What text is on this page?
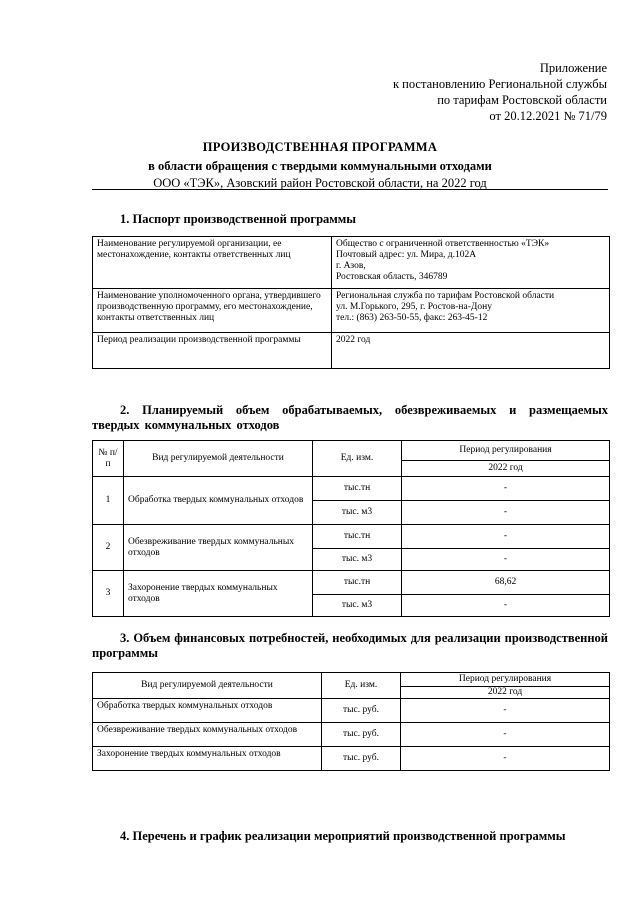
Приложение
к постановлению Региональной службы
по тарифам Ростовской области
от 20.12.2021 № 71/79
ПРОИЗВОДСТВЕННАЯ ПРОГРАММА
в области обращения с твердыми коммунальными отходами
ООО «ТЭК», Азовский район Ростовской области, на 2022 год
1. Паспорт производственной программы
Наименование регулируемой организации, ее местонахождение, контакты ответственных лиц	Общество с ограниченной ответственностью «ТЭК»
Почтовый адрес: ул. Мира, д.102А
г. Азов,
Ростовская область, 346789

Наименование уполномоченного органа, утвердившего производственную программу, его местонахождение, контакты ответственных лиц	Региональная служба по тарифам Ростовской области
ул. М.Горького, 295, г. Ростов-на-Дону
тел.: (863) 263-50-55, факс: 263-45-12

Период реализации производственной программы	2022 год
2. Планируемый объем обрабатываемых, обезвреживаемых и размещаемых твердых коммунальных отходов
№ п/п	Вид регулируемой деятельности	Ед. изм.	Период регулирования
			2022 год
1	Обработка твердых коммунальных отходов	тыс.тн	-
		тыс. м3	-
2	Обезвреживание твердых коммунальных отходов	тыс.тн	-
		тыс. м3	-
3	Захоронение твердых коммунальных отходов	тыс.тн	68,62
		тыс. м3	-
3. Объем финансовых потребностей, необходимых для реализации производственной программы
Вид регулируемой деятельности	Ед. изм.	Период регулирования
		2022 год
Обработка твердых коммунальных отходов	тыс. руб.	-
Обезвреживание твердых коммунальных отходов	тыс. руб.	-
Захоронение твердых коммунальных отходов	тыс. руб.	-
4. Перечень и график реализации мероприятий производственной программы
